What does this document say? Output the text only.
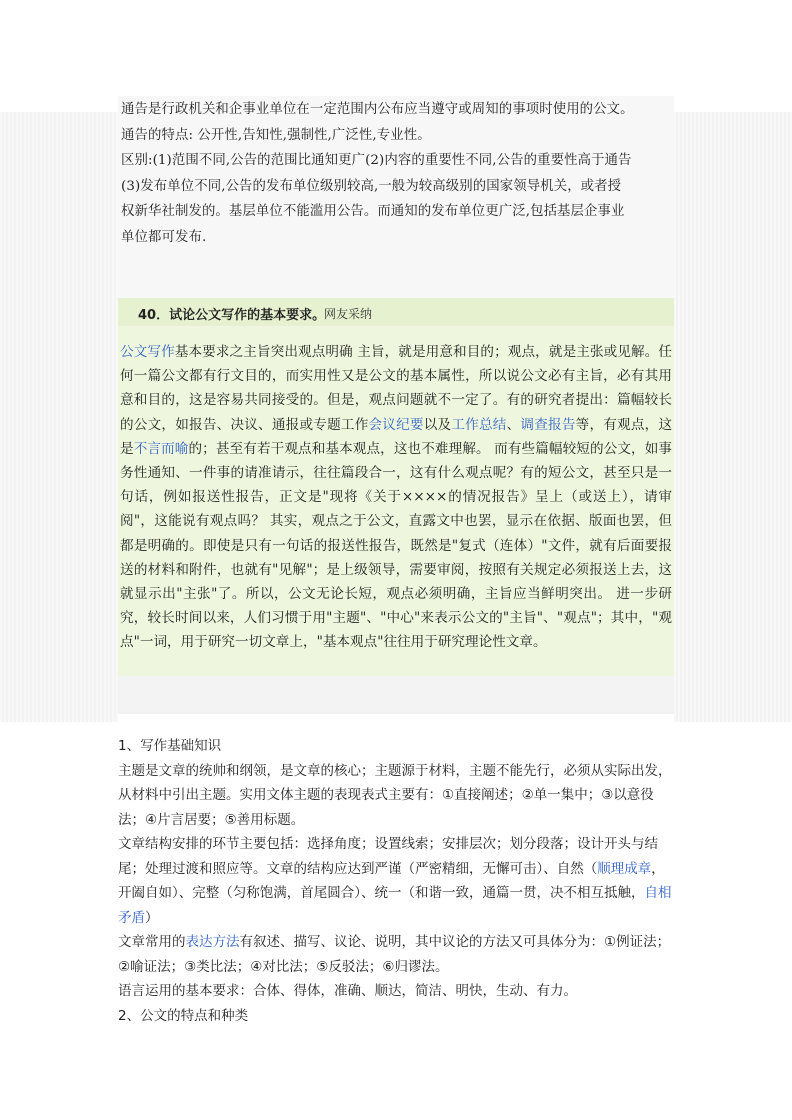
通告是行政机关和企事业单位在一定范围内公布应当遵守或周知的事项时使用的公文。

通告的特点: 公开性,告知性,强制性,广泛性,专业性。

区别:(1)范围不同,公告的范围比通知更广(2)内容的重要性不同,公告的重要性高于通告

(3)发布单位不同,公告的发布单位级别较高,一般为较高级别的国家领导机关，或者授

权新华社制发的。基层单位不能滥用公告。而通知的发布单位更广泛,包括基层企事业

单位都可发布.

40．试论公文写作的基本要求。
网友采纳
公文写作基本要求之主旨突出观点明确 主旨，就是用意和目的；观点，就是主张或见解。任何一篇公文都有行文目的，而实用性又是公文的基本属性，所以说公文必有主旨，必有其用意和目的，这是容易共同接受的。但是，观点问题就不一定了。有的研究者提出：篇幅较长的公文，如报告、决议、通报或专题工作会议纪要以及工作总结、调查报告等，有观点，这是不言而喻的；甚至有若干观点和基本观点，这也不难理解。 而有些篇幅较短的公文，如事务性通知、一件事的请准请示，往往篇段合一，这有什么观点呢？有的短公文，甚至只是一句话，例如报送性报告，正文是"现将《关于××××的情况报告》呈上（或送上），请审阅"，这能说有观点吗？ 其实，观点之于公文，直露文中也罢，显示在依据、版面也罢，但都是明确的。即使是只有一句话的报送性报告，既然是"复式（连体）"文件，就有后面要报送的材料和附件，也就有"见解"；是上级领导，需要审阅，按照有关规定必须报送上去，这就显示出"主张"了。所以，公文无论长短，观点必须明确，主旨应当鲜明突出。 进一步研究，较长时间以来，人们习惯于用"主题"、"中心"来表示公文的"主旨"、"观点"；其中，"观点"一词，用于研究一切文章上，"基本观点"往往用于研究理论性文章。

1、写作基础知识

主题是文章的统帅和纲领，是文章的核心；主题源于材料，主题不能先行，必须从实际出发，从材料中引出主题。实用文体主题的表现表式主要有：①直接阐述；②单一集中；③以意役法；④片言居要；⑤善用标题。

文章结构安排的环节主要包括：选择角度；设置线索；安排层次；划分段落；设计开头与结尾；处理过渡和照应等。文章的结构应达到严谨（严密精细，无懈可击）、自然（顺理成章，开阖自如）、完整（匀称饱满，首尾圆合）、统一（和谐一致，通篇一贯，决不相互抵触，自相矛盾）

文章常用的表达方法有叙述、描写、议论、说明，其中议论的方法又可具体分为：①例证法；②喻证法；③类比法；④对比法；⑤反驳法；⑥归谬法。

语言运用的基本要求：合体、得体，准确、顺达，简洁、明快，生动、有力。

2、公文的特点和种类
